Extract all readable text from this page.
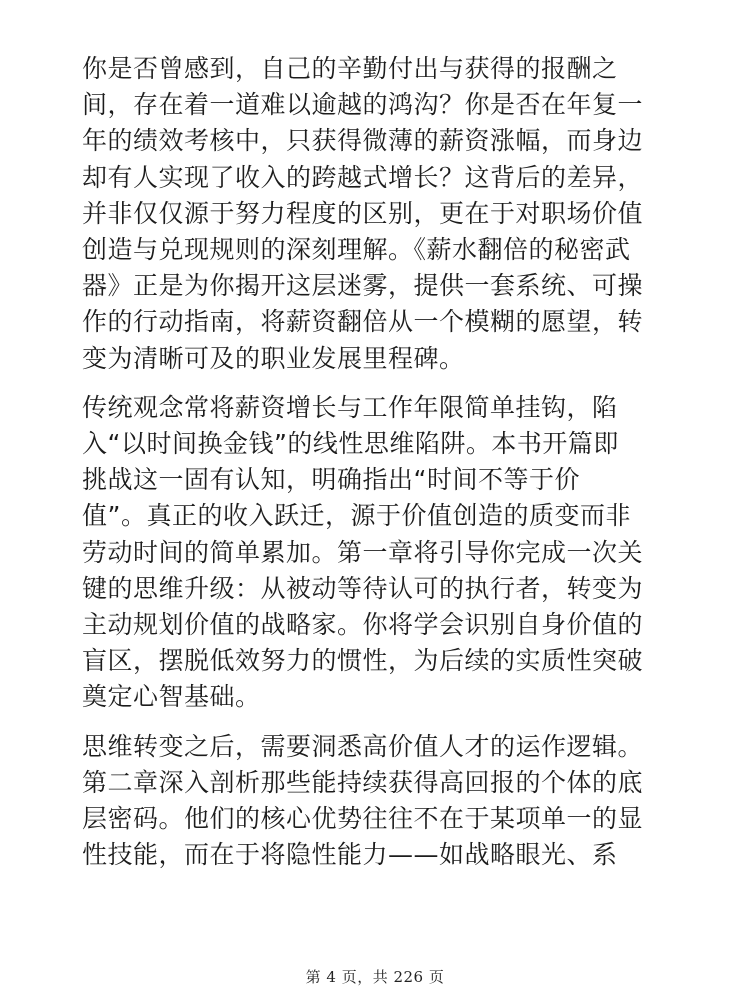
你是否曾感到，自己的辛勤付出与获得的报酬之
间，存在着一道难以逾越的鸿沟？你是否在年复一
年的绩效考核中，只获得微薄的薪资涨幅，而身边
却有人实现了收入的跨越式增长？这背后的差异，
并非仅仅源于努力程度的区别，更在于对职场价值
创造与兑现规则的深刻理解。《薪水翻倍的秘密武
器》正是为你揭开这层迷雾，提供一套系统、可操
作的行动指南，将薪资翻倍从一个模糊的愿望，转
变为清晰可及的职业发展里程碑。
传统观念常将薪资增长与工作年限简单挂钩，陷
入“以时间换金钱”的线性思维陷阱。本书开篇即
挑战这一固有认知，明确指出“时间不等于价
值”。真正的收入跃迁，源于价值创造的质变而非
劳动时间的简单累加。第一章将引导你完成一次关
键的思维升级：从被动等待认可的执行者，转变为
主动规划价值的战略家。你将学会识别自身价值的
盲区，摆脱低效努力的惯性，为后续的实质性突破
奠定心智基础。
思维转变之后，需要洞悉高价值人才的运作逻辑。
第二章深入剖析那些能持续获得高回报的个体的底
层密码。他们的核心优势往往不在于某项单一的显
性技能，而在于将隐性能力——如战略眼光、系
第 4 页，共 226 页
